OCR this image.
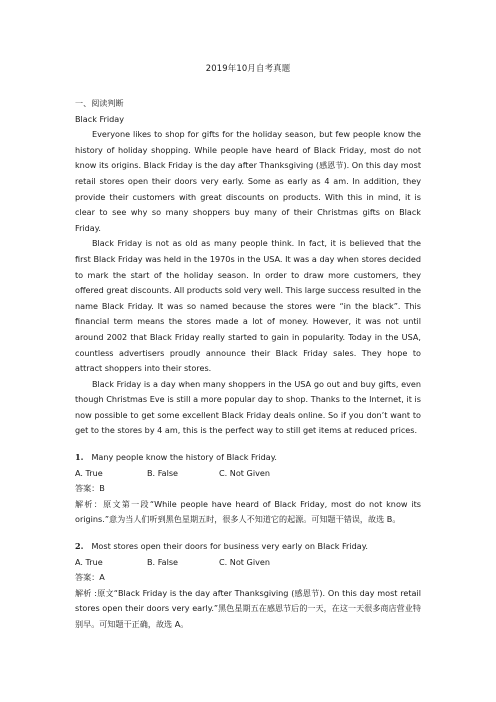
2019年10月自考真题

一、阅读判断

Black Friday

Everyone likes to shop for gifts for the holiday season, but few people know the history of holiday shopping. While people have heard of Black Friday, most do not know its origins. Black Friday is the day after Thanksgiving (感恩节). On this day most retail stores open their doors very early. Some as early as 4 am. In addition, they provide their customers with great discounts on products. With this in mind, it is clear to see why so many shoppers buy many of their Christmas gifts on Black Friday.

Black Friday is not as old as many people think. In fact, it is believed that the first Black Friday was held in the 1970s in the USA. It was a day when stores decided to mark the start of the holiday season. In order to draw more customers, they offered great discounts. All products sold very well. This large success resulted in the name Black Friday. It was so named because the stores were “in the black”. This financial term means the stores made a lot of money. However, it was not until around 2002 that Black Friday really started to gain in popularity. Today in the USA, countless advertisers proudly announce their Black Friday sales. They hope to attract shoppers into their stores.

Black Friday is a day when many shoppers in the USA go out and buy gifts, even though Christmas Eve is still a more popular day to shop. Thanks to the Internet, it is now possible to get some excellent Black Friday deals online. So if you don’t want to get to the stores by 4 am, this is the perfect way to still get items at reduced prices.

1. Many people know the history of Black Friday.

A. True	B. False	C. Not Given

答案：B

解析：原文第一段“While people have heard of Black Friday, most do not know its origins.”意为当人们听到黑色星期五时，很多人不知道它的起源。可知题干错误，故选 B。

2. Most stores open their doors for business very early on Black Friday.

A. True	B. False	C. Not Given

答案：A

解析 :原文“Black Friday is the day after Thanksgiving (感恩节). On this day most retail stores open their doors very early.”黑色星期五在感恩节后的一天，在这一天很多商店营业特别早。可知题干正确，故选 A。
